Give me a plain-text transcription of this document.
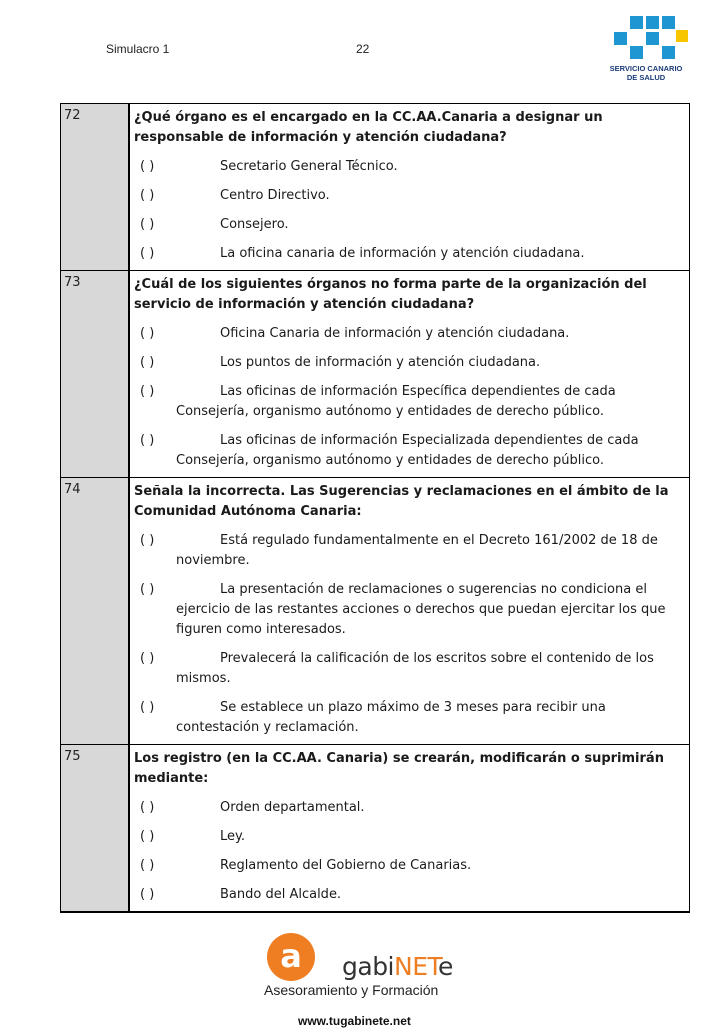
Simulacro 1	22
SERVICIO CANARIO
DE SALUD
72	¿Qué órgano es el encargado en la CC.AA.Canaria a designar un responsable de información y atención ciudadana?
( )	Secretario General Técnico.
( )	Centro Directivo.
( )	Consejero.
( )	La oficina canaria de información y atención ciudadana.
73	¿Cuál de los siguientes órganos no forma parte de la organización del servicio de información y atención ciudadana?
( )	Oficina Canaria de información y atención ciudadana.
( )	Los puntos de información y atención ciudadana.
( )	Las oficinas de información Específica dependientes de cada Consejería, organismo autónomo y entidades de derecho público.
( )	Las oficinas de información Especializada dependientes de cada Consejería, organismo autónomo y entidades de derecho público.
74	Señala la incorrecta. Las Sugerencias y reclamaciones en el ámbito de la Comunidad Autónoma Canaria:
( )	Está regulado fundamentalmente en el Decreto 161/2002 de 18 de noviembre.
( )	La presentación de reclamaciones o sugerencias no condiciona el ejercicio de las restantes acciones o derechos que puedan ejercitar los que figuren como interesados.
( )	Prevalecerá la calificación de los escritos sobre el contenido de los mismos.
( )	Se establece un plazo máximo de 3 meses para recibir una contestación y reclamación.
75	Los registro (en la CC.AA. Canaria) se crearán, modificarán o suprimirán mediante:
( )	Orden departamental.
( )	Ley.
( )	Reglamento del Gobierno de Canarias.
( )	Bando del Alcalde.
a gabiNETe
Asesoramiento y Formación
www.tugabinete.net
